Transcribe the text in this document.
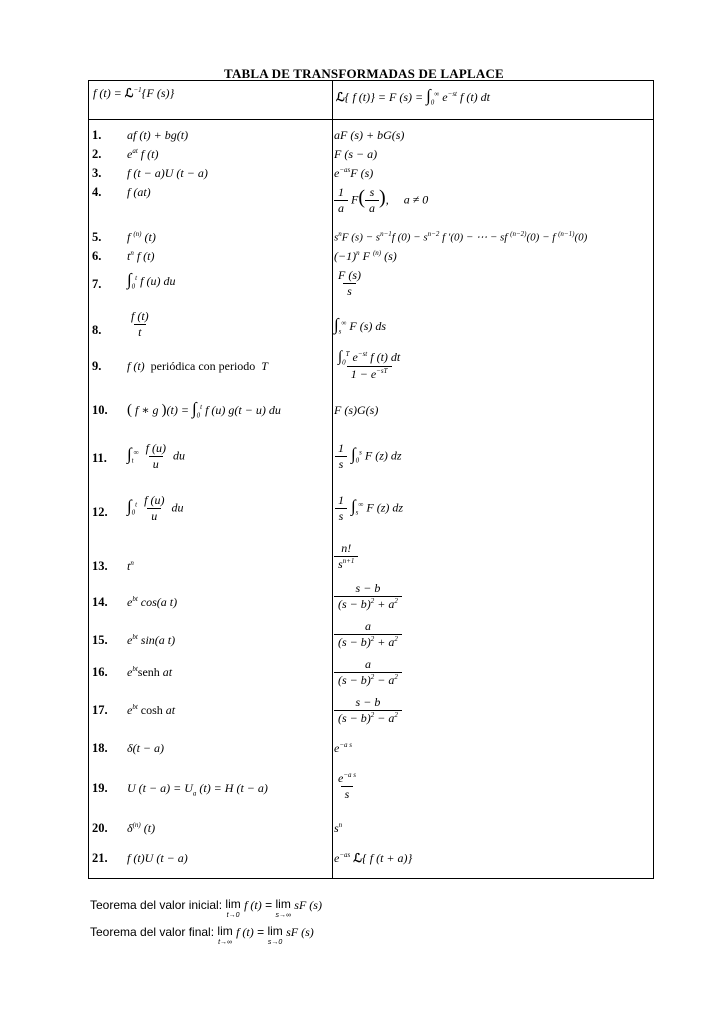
TABLA DE TRANSFORMADAS DE LAPLACE
f (t) = ℒ$^{-1}${F (s)}	ℒ{ f (t)} = F $(s) = \int_0^\infty$ $e^{-st}$ f (t) dt
1. af (t) + bg(t)	aF (s) + bG(s)
2. $e^{at}$ f (t)	F (s − a)
3. f (t − a)U (t − a)	$e^{-as}F$ (s)
4. f (at)	$\frac{1}{a} F( \frac{s}{a}$ ),     a ≠ 0
5. f $^{(n)}$ (t)	$s^nF$ $(s) - s^{n-1}f$ $(0) - s^{n-2}$ f ′(0) − ⋯ − sf $^{(n-2)}$(0) − f $^{(n-1)}$(0)
6. $t^n$ f (t)	$(-1)^n$ F $^{(n)}$ (s)
7. $\int_0^t$ f (u) du	$\frac{F (s)}{s}$
8. $\frac{f (t)}{t}$	$\int_s^\infty$ F (s) ds
9. f (t)  periódica con periodo  T	$\frac{\int_0^T e^{-st} f (t) dt}{1 - e^{-sT}}$
10. ( f ∗ g )$(t) = \int_0^t$ f (u) g(t − u) du	F (s)G(s)
11. $\int_t^\infty \frac{f (u)}{u}$ du	$\frac{1}{s} \int_0^s$ F (z) dz
12. $\int_0^t \frac{f (u)}{u}$ du	$\frac{1}{s} \int_s^\infty$ F (z) dz
13. $t^n$	$\frac{n!}{s^{n+1}}$
14. $e^{bt}$ cos(a t)	$\frac{s - b}{(s - b)^2 + a^2}$
15. $e^{bt}$ sin(a t)	$\frac{a}{(s - b)^2 + a^2}$
16. $e^{bt}senh$ at	$\frac{a}{(s - b)^2 - a^2}$
17. $e^{bt}$ cosh at	$\frac{s - b}{(s - b)^2 - a^2}$
18. δ(t − a)	$e^{-a s}$
19. U $(t - a) = U_a$ (t) = H (t − a)	$\frac{e^{-a s}}{s}$
20. $\delta^{(n)}$ (t)	$s^n$
21. f (t)U (t − a)	$e^{-as}$ ℒ{ f (t + a)}
Teorema del valor inicial: lim
t→0
f (t) = lim
s→∞
sF (s)
Teorema del valor final: lim
t→∞
f (t) = lim
s→0
sF (s)
